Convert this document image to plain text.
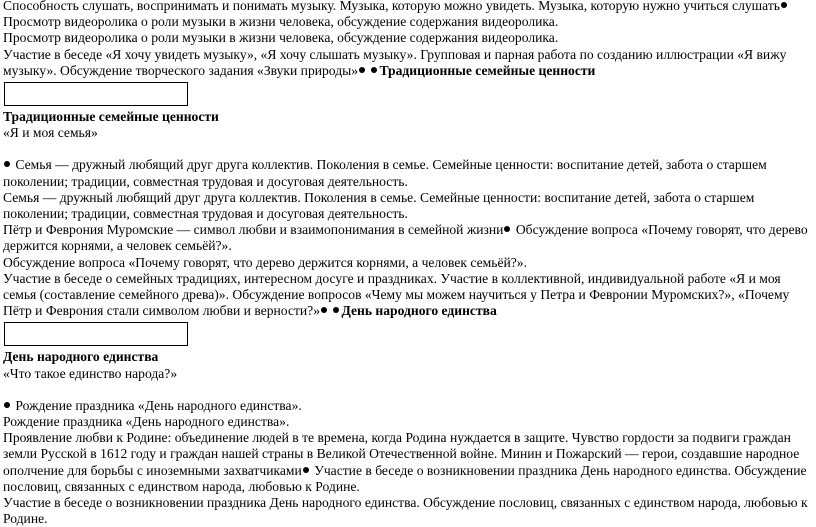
Способность слушать, воспринимать и понимать музыку. Музыка, которую можно увидеть. Музыка, которую нужно учиться слушать Просмотр видеоролика о роли музыки в жизни человека, обсуждение содержания видеоролика.

Просмотр видеоролика о роли музыки в жизни человека, обсуждение содержания видеоролика.

Участие в беседе «Я хочу увидеть музыку», «Я хочу слышать музыку». Групповая и парная работа по созданию иллюстрации «Я вижу музыку». Обсуждение творческого задания «Звуки природы» Традиционные семейные ценности

Традиционные семейные ценности

«Я и моя семья»

Семья — дружный любящий друг друга коллектив. Поколения в семье. Семейные ценности: воспитание детей, забота о старшем поколении; традиции, совместная трудовая и досуговая деятельность.

Семья — дружный любящий друг друга коллектив. Поколения в семье. Семейные ценности: воспитание детей, забота о старшем поколении; традиции, совместная трудовая и досуговая деятельность.

Пётр и Феврония Муромские — символ любви и взаимопонимания в семейной жизни Обсуждение вопроса «Почему говорят, что дерево держится корнями, а человек семьёй?».

Обсуждение вопроса «Почему говорят, что дерево держится корнями, а человек семьёй?».

Участие в беседе о семейных традициях, интересном досуге и праздниках. Участие в коллективной, индивидуальной работе «Я и моя семья (составление семейного древа)». Обсуждение вопросов «Чему мы можем научиться у Петра и Февронии Муромских?», «Почему Пётр и Феврония стали символом любви и верности?» День народного единства

День народного единства

«Что такое единство народа?»

Рождение праздника «День народного единства».

Рождение праздника «День народного единства».

Проявление любви к Родине: объединение людей в те времена, когда Родина нуждается в защите. Чувство гордости за подвиги граждан земли Русской в 1612 году и граждан нашей страны в Великой Отечественной войне. Минин и Пожарский — герои, создавшие народное ополчение для борьбы с иноземными захватчиками Участие в беседе о возникновении праздника День народного единства. Обсуждение пословиц, связанных с единством народа, любовью к Родине.

Участие в беседе о возникновении праздника День народного единства. Обсуждение пословиц, связанных с единством народа, любовью к Родине.
